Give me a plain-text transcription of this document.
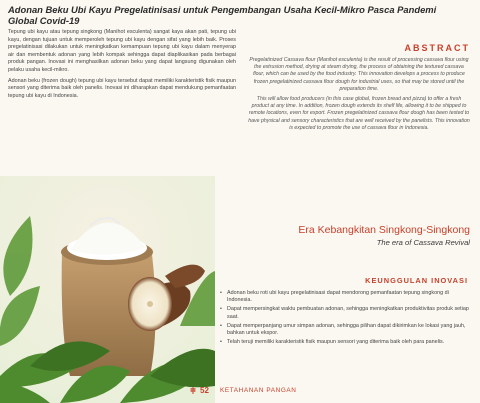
Adonan Beku Ubi Kayu Pregelatinisasi untuk Pengembangan Usaha Kecil-Mikro Pasca Pandemi Global Covid-19

Tepung ubi kayu atau tepung singkong (Manihot esculenta) sangat kaya akan pati, tepung ubi kayu, dengan tujuan untuk memperoleh tepung ubi kayu dengan sifat yang lebih baik. Proses pregelatinisasi dilakukan untuk meningkatkan kemampuan tepung ubi kayu dalam menyerap air dan membentuk adonan yang lebih kompak sehingga dapat diaplikasikan pada berbagai produk pangan. Inovasi ini menghasilkan adonan beku yang dapat langsung digunakan oleh pelaku usaha kecil-mikro.

Adonan beku (frozen dough) tepung ubi kayu tersebut dapat memiliki karakteristik fisik maupun sensori yang diterima baik oleh panelis. Inovasi ini diharapkan dapat mendukung pemanfaatan tepung ubi kayu di Indonesia.

ABSTRACT

Pregelatinized Cassava flour (Manihot esculenta) is the result of processing cassava flour using the extrusion method, drying at steam drying, the process of obtaining the textured cassava flour, which can be used by the food industry. This innovation develops a process to produce frozen pregelatinized cassava flour dough for industrial uses, so that may be stored until the preparation time.

This will allow food producers (in this case global, frozen bread and pizza) to offer a fresh product at any time. In addition, frozen dough extends its shelf life, allowing it to be shipped to remote locations, even for export. Frozen pregelatinized cassava flour dough has been tested to have physical and sensory characteristics that are well received by the panelists. This innovation is expected to promote the use of cassava flour in Indonesia.

Era Kebangkitan Singkong-Singkong
The era of Cassava Revival
KEUNGGULAN INOVASI
• Adonan beku roti ubi kayu pregelatinisasi dapat mendorong pemanfaatan tepung singkong di Indonesia.
• Dapat mempersingkat waktu pembuatan adonan, sehingga meningkatkan produktivitas produk setiap saat.
• Dapat memperpanjang umur simpan adonan, sehingga pilihan dapat dikirimkan ke lokasi yang jauh, bahkan untuk ekspor.
• Telah teruji memiliki karakteristik fisik maupun sensori yang diterima baik oleh para panelis.
52 KETAHANAN PANGAN
